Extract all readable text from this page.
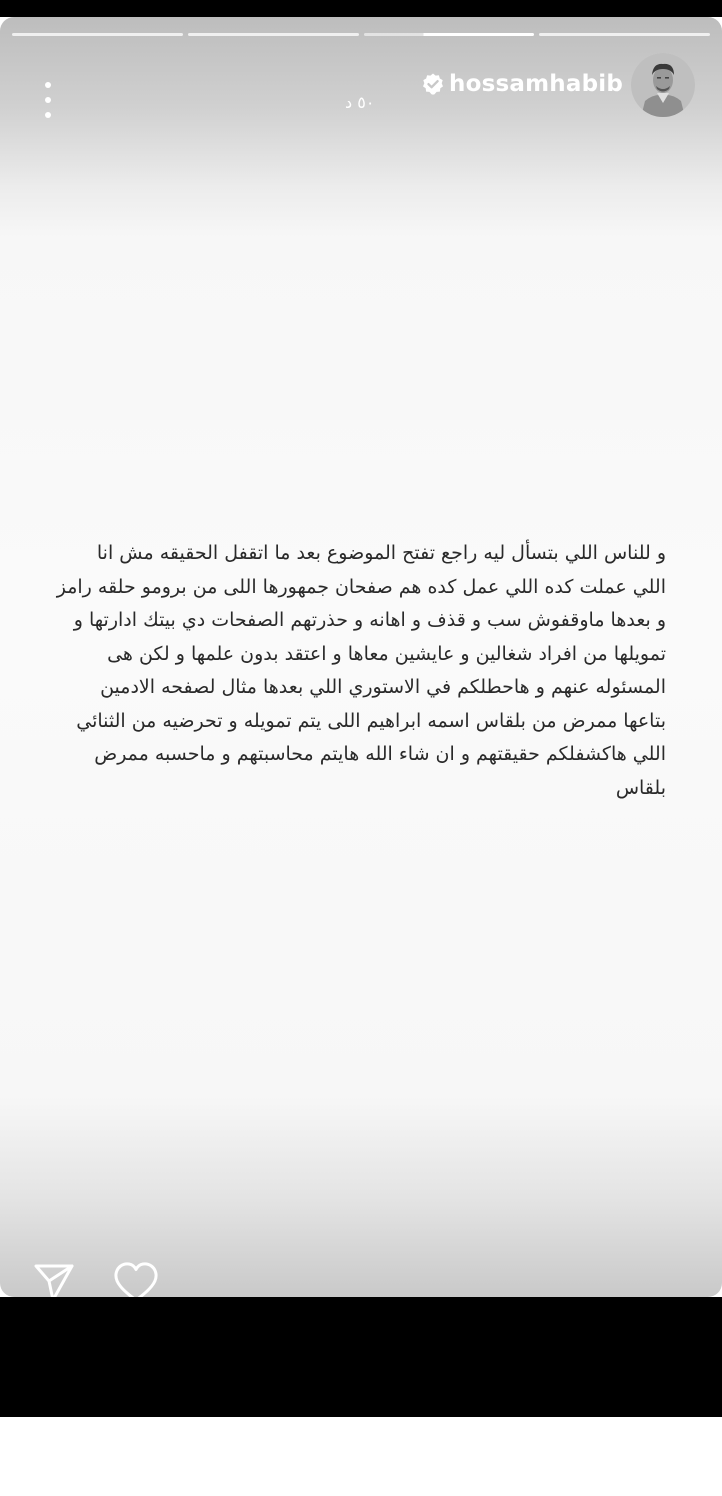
٥٠ د
hossamhabib
و للناس اللي بتسأل ليه راجع تفتح الموضوع بعد ما اتقفل الحقيقه مش انا
اللي عملت كده اللي عمل كده هم صفحان جمهورها اللى من برومو حلقه رامز
و بعدها ماوقفوش سب و قذف و اهانه و حذرتهم الصفحات دي بيتك ادارتها و
تمويلها من افراد شغالين و عايشين معاها و اعتقد بدون علمها و لكن هى
المسئوله عنهم و هاحطلكم في الاستوري اللي بعدها مثال لصفحه الادمين
بتاعها ممرض من بلقاس اسمه ابراهيم اللى يتم تمويله و تحرضيه من الثنائي
اللي هاكشفلكم حقيقتهم و ان شاء الله هايتم محاسبتهم و ماحسبه ممرض
بلقاس
